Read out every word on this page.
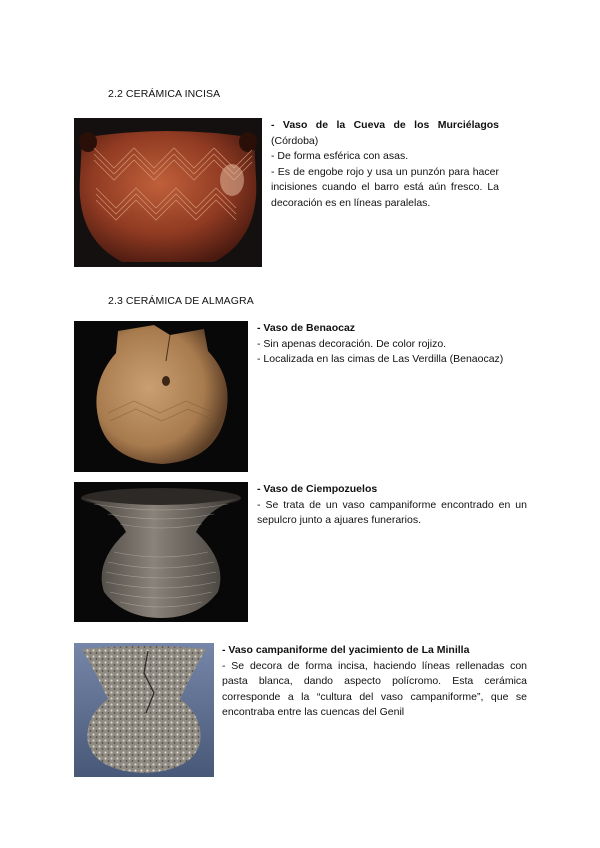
2.2 CERÁMICA INCISA

- Vaso de la Cueva de los Murciélagos (Córdoba)

- De forma esférica con asas.

- Es de engobe rojo y usa un punzón para hacer incisiones cuando el barro está aún fresco. La decoración es en líneas paralelas.

2.3 CERÁMICA DE ALMAGRA

- Vaso de Benaocaz

- Sin apenas decoración. De color rojizo.

- Localizada en las cimas de Las Verdilla (Benaocaz)

- Vaso de Ciempozuelos

- Se trata de un vaso campaniforme encontrado en un sepulcro junto a ajuares funerarios.

- Vaso campaniforme del yacimiento de La Minilla

- Se decora de forma incisa, haciendo líneas rellenadas con pasta blanca, dando aspecto polícromo. Esta cerámica corresponde a la “cultura del vaso campaniforme”, que se encontraba entre las cuencas del Genil
